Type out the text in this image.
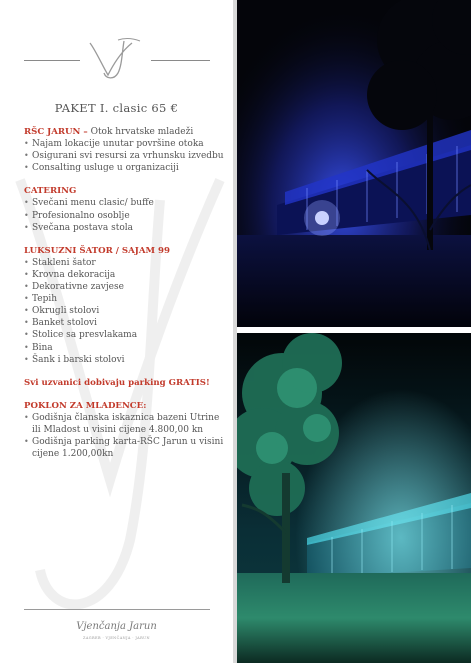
PAKET I. clasic 65 €
RŠC JARUN – Otok hrvatske mladeži
• Najam lokacije unutar površine otoka
• Osigurani svi resursi za vrhunsku izvedbu
• Consalting usluge u organizaciji
CATERING
• Svečani menu clasic/ buffe
• Profesionalno osoblje
• Svečana postava stola
LUKSUZNI ŠATOR / SAJAM 99
• Stakleni šator
• Krovna dekoracija
• Dekorativne zavjese
• Tepih
• Okrugli stolovi
• Banket stolovi
• Stolice sa presvlakama
• Bina
• Šank i barski stolovi
Svi uzvanici dobivaju parking GRATIS!
POKLON ZA MLADENCE:
• Godišnja članska iskaznica bazeni Utrine ili Mladost u visini cijene 4.800,00 kn
• Godišnja parking karta-RŠC Jarun u visini cijene 1.200,00kn
Vjenčanja Jarun
ZAGREB · VJENČANJA · JARUN
